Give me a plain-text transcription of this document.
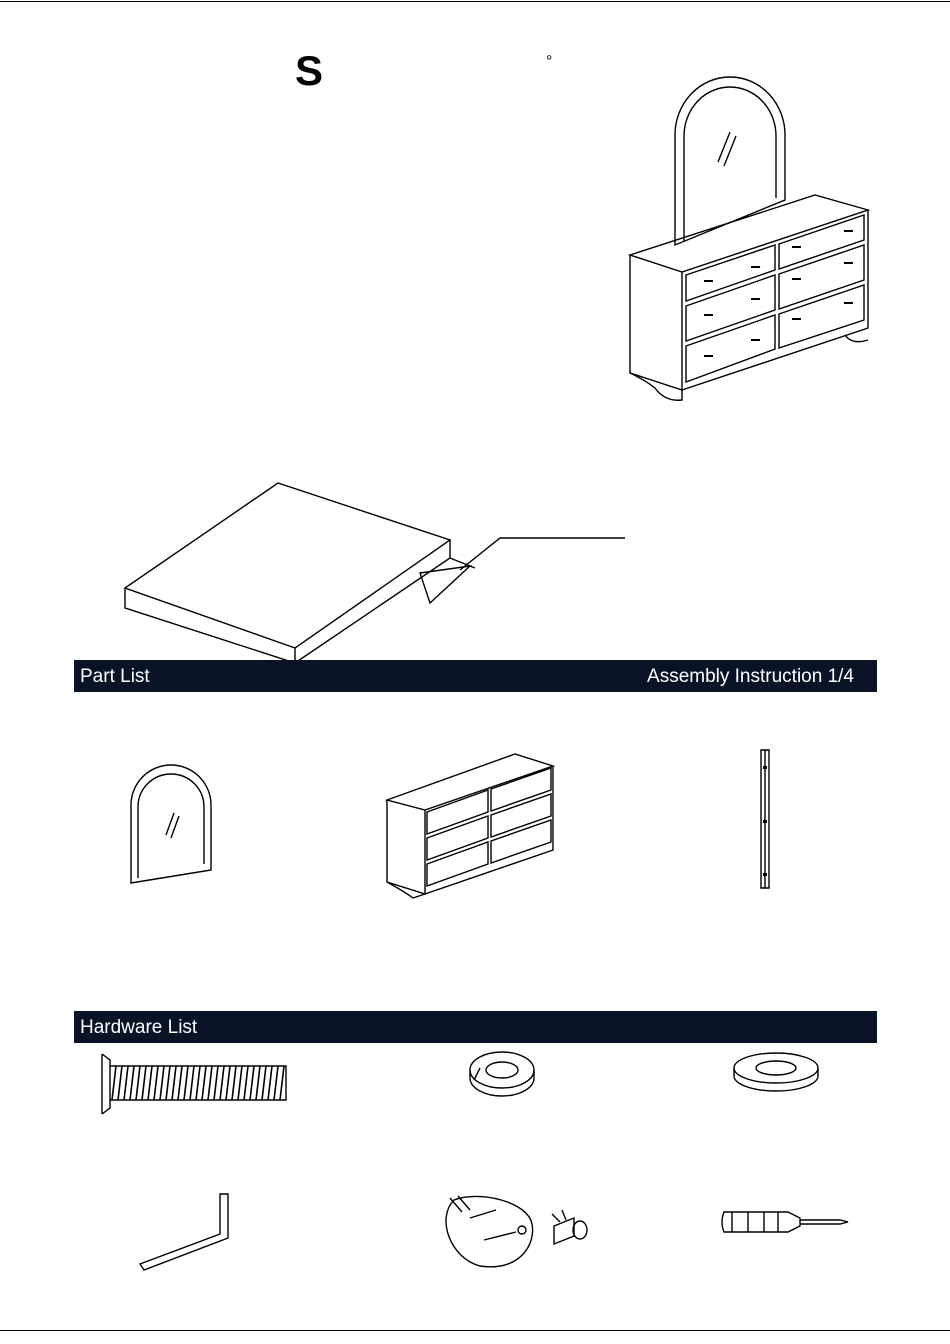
S	°
Part List	Assembly Instruction 1/4
Hardware List
